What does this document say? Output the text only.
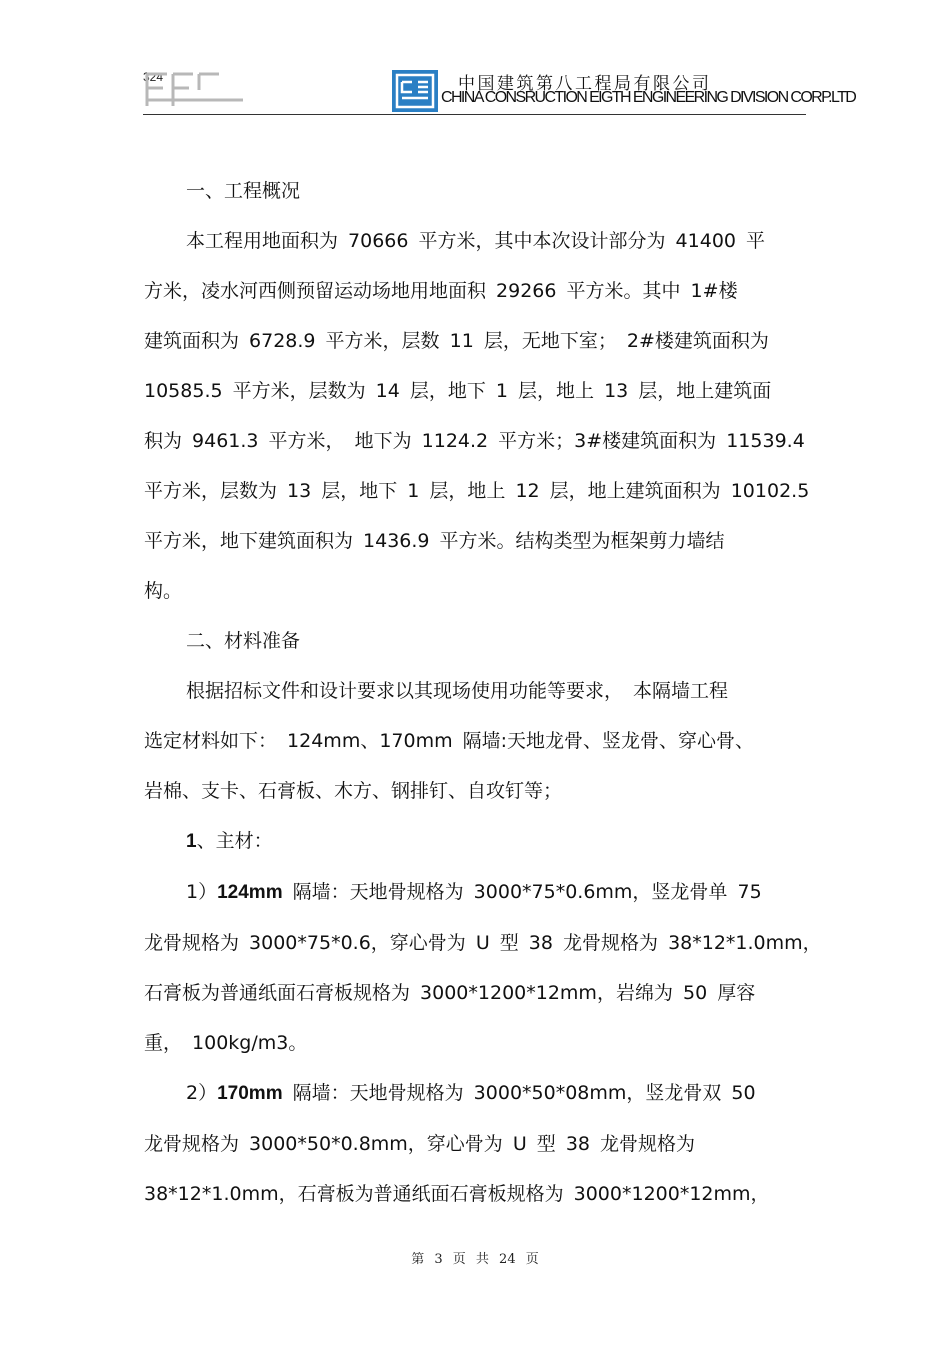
324	中国建筑第八工程局有限公司
CHINA CONSRUCTION EIGTH ENGINEERING DIVISION CORP.LTD

一、工程概况

本工程用地面积为 70666 平方米，其中本次设计部分为 41400 平

方米，凌水河西侧预留运动场地用地面积 29266 平方米。其中 1#楼

建筑面积为 6728.9 平方米，层数 11 层，无地下室； 2#楼建筑面积为

10585.5 平方米，层数为 14 层，地下 1 层，地上 13 层，地上建筑面

积为 9461.3 平方米， 地下为 1124.2 平方米；3#楼建筑面积为 11539.4

平方米，层数为 13 层，地下 1 层，地上 12 层，地上建筑面积为 10102.5

平方米，地下建筑面积为 1436.9 平方米。结构类型为框架剪力墙结

构。

二、材料准备

根据招标文件和设计要求以其现场使用功能等要求， 本隔墙工程

选定材料如下： 124mm、170mm 隔墙:天地龙骨、竖龙骨、穿心骨、

岩棉、支卡、石膏板、木方、钢排钉、自攻钉等；

1、主材：

1）124mm 隔墙：天地骨规格为 3000*75*0.6mm，竖龙骨单 75

龙骨规格为 3000*75*0.6，穿心骨为 U 型 38 龙骨规格为 38*12*1.0mm，

石膏板为普通纸面石膏板规格为 3000*1200*12mm，岩绵为 50 厚容

重， 100kg/m3。

2）170mm 隔墙：天地骨规格为 3000*50*08mm，竖龙骨双 50

龙骨规格为 3000*50*0.8mm，穿心骨为 U 型 38 龙骨规格为

38*12*1.0mm，石膏板为普通纸面石膏板规格为 3000*1200*12mm，

第 3 页 共 24 页
